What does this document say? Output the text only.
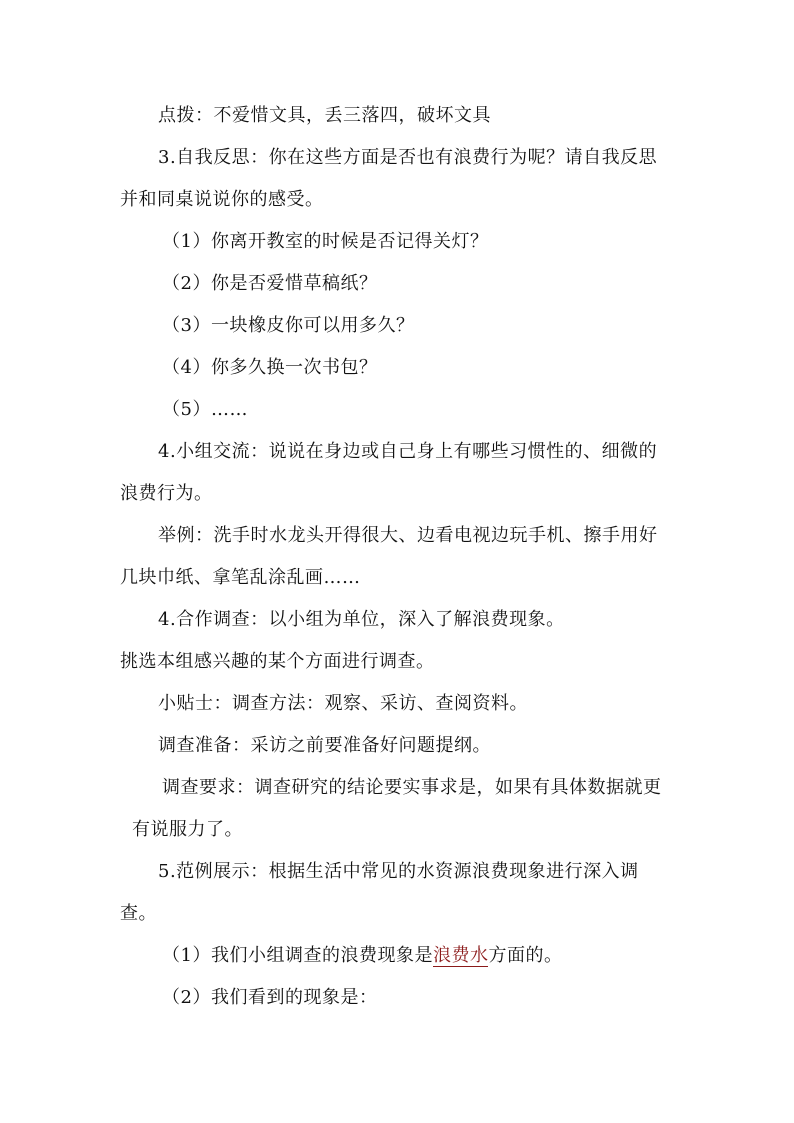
点拨：不爱惜文具，丢三落四，破坏文具
3.自我反思：你在这些方面是否也有浪费行为呢？请自我反思
并和同桌说说你的感受。
（1）你离开教室的时候是否记得关灯？
（2）你是否爱惜草稿纸？
（3）一块橡皮你可以用多久？
（4）你多久换一次书包？
（5）……
4.小组交流：说说在身边或自己身上有哪些习惯性的、细微的
浪费行为。
举例：洗手时水龙头开得很大、边看电视边玩手机、擦手用好
几块巾纸、拿笔乱涂乱画……
4.合作调查：以小组为单位，深入了解浪费现象。
挑选本组感兴趣的某个方面进行调查。
小贴士：调查方法：观察、采访、查阅资料。
调查准备：采访之前要准备好问题提纲。
调查要求：调查研究的结论要实事求是，如果有具体数据就更
有说服力了。
5.范例展示：根据生活中常见的水资源浪费现象进行深入调
查。
（1）我们小组调查的浪费现象是浪费水方面的。
（2）我们看到的现象是：
